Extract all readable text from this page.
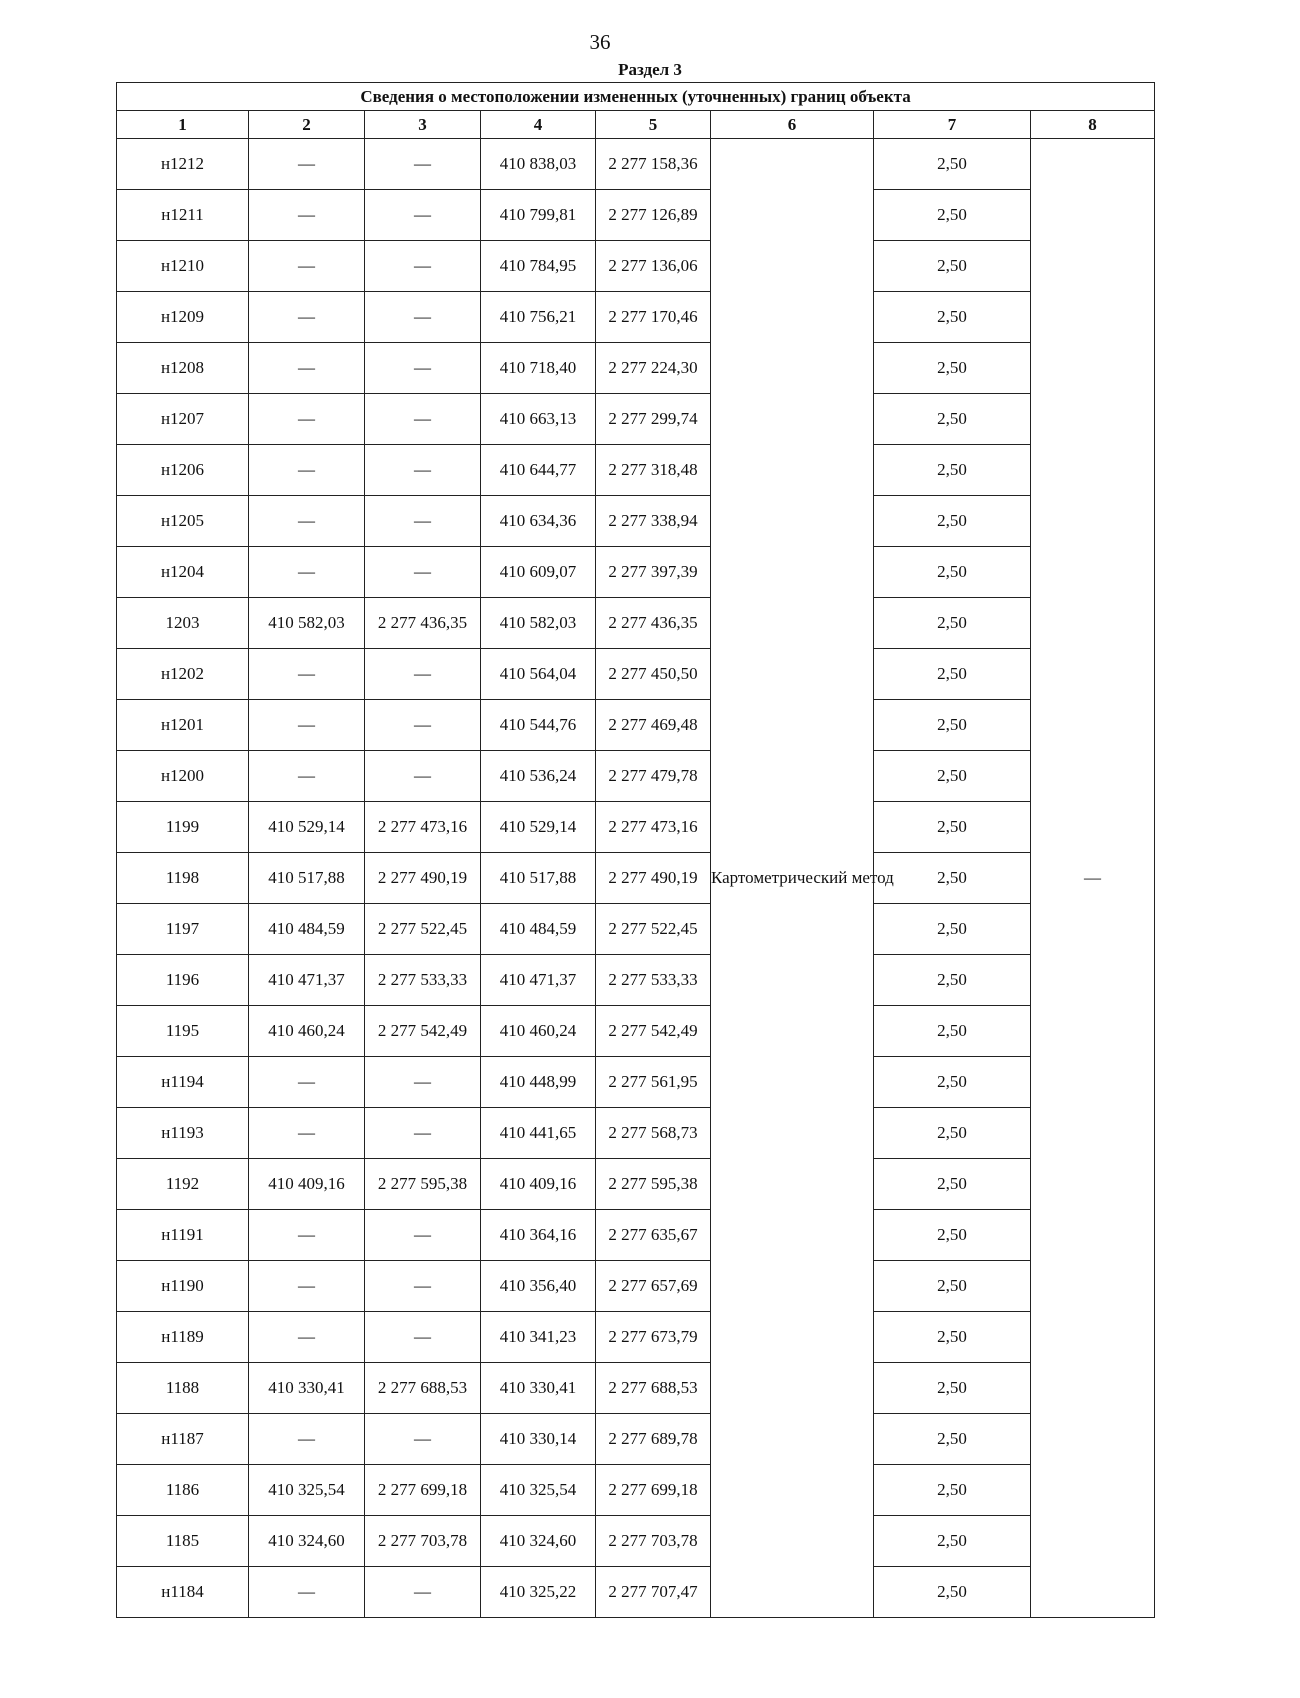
36
Раздел 3
Сведения о местоположении измененных (уточненных) границ объекта							
1	2	3	4	5	6	7	8
н1212	—	—	410 838,03	2 277 158,36	Картометрический метод	2,50	—
н1211	—	—	410 799,81	2 277 126,89		2,50	
н1210	—	—	410 784,95	2 277 136,06		2,50	
н1209	—	—	410 756,21	2 277 170,46		2,50	
н1208	—	—	410 718,40	2 277 224,30		2,50	
н1207	—	—	410 663,13	2 277 299,74		2,50	
н1206	—	—	410 644,77	2 277 318,48		2,50	
н1205	—	—	410 634,36	2 277 338,94		2,50	
н1204	—	—	410 609,07	2 277 397,39		2,50	
1203	410 582,03	2 277 436,35	410 582,03	2 277 436,35		2,50	
н1202	—	—	410 564,04	2 277 450,50		2,50	
н1201	—	—	410 544,76	2 277 469,48		2,50	
н1200	—	—	410 536,24	2 277 479,78		2,50	
1199	410 529,14	2 277 473,16	410 529,14	2 277 473,16		2,50	
1198	410 517,88	2 277 490,19	410 517,88	2 277 490,19		2,50	
1197	410 484,59	2 277 522,45	410 484,59	2 277 522,45		2,50	
1196	410 471,37	2 277 533,33	410 471,37	2 277 533,33		2,50	
1195	410 460,24	2 277 542,49	410 460,24	2 277 542,49		2,50	
н1194	—	—	410 448,99	2 277 561,95		2,50	
н1193	—	—	410 441,65	2 277 568,73		2,50	
1192	410 409,16	2 277 595,38	410 409,16	2 277 595,38		2,50	
н1191	—	—	410 364,16	2 277 635,67		2,50	
н1190	—	—	410 356,40	2 277 657,69		2,50	
н1189	—	—	410 341,23	2 277 673,79		2,50	
1188	410 330,41	2 277 688,53	410 330,41	2 277 688,53		2,50	
н1187	—	—	410 330,14	2 277 689,78		2,50	
1186	410 325,54	2 277 699,18	410 325,54	2 277 699,18		2,50	
1185	410 324,60	2 277 703,78	410 324,60	2 277 703,78		2,50	
н1184	—	—	410 325,22	2 277 707,47		2,50	
